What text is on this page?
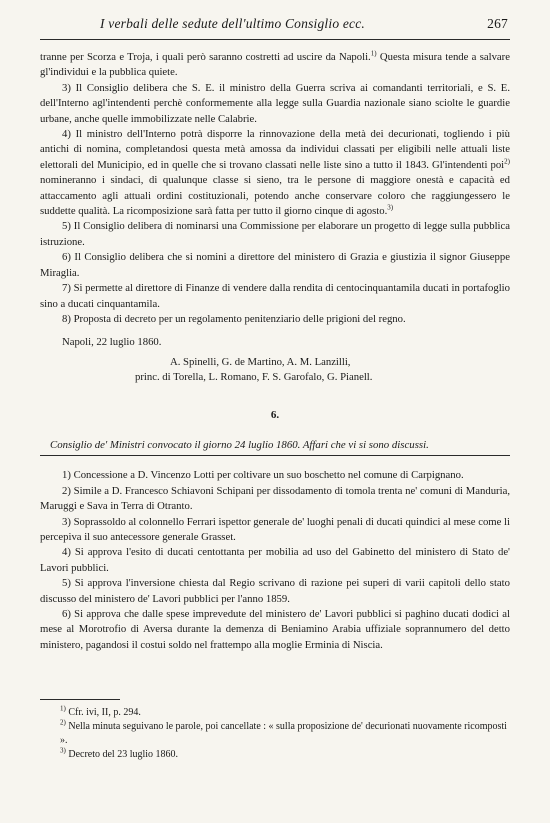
I verbali delle sedute dell'ultimo Consiglio ecc.	267

tranne per Scorza e Troja, i quali però saranno costretti ad uscire da Napoli.$^{1)}$ Questa misura tende a salvare gl'individui e la pubblica quiete.

3) Il Consiglio delibera che S. E. il ministro della Guerra scriva ai comandanti territoriali, e S. E. dell'Interno agl'intendenti perchè conformemente alla legge sulla Guardia nazionale siano sciolte le guardie urbane, anche quelle immobilizzate nelle Calabrie.

4) Il ministro dell'Interno potrà disporre la rinnovazione della metà dei decurionati, togliendo i più antichi di nomina, completandosi questa metà amossa da individui classati per eligibili nelle attuali liste elettorali del Municipio, ed in quelle che si trovano classati nelle liste sino a tutto il 1843. Gl'intendenti poi$^{2)}$ nomineranno i sindaci, di qualunque classe si sieno, tra le persone di maggiore onestà e capacità ed attaccamento agli attuali ordini costituzionali, potendo anche conservare coloro che raggiungessero le suddette qualità. La ricomposizione sarà fatta per tutto il giorno cinque di agosto.$^{3)}$

5) Il Consiglio delibera di nominarsi una Commissione per elaborare un progetto di legge sulla pubblica istruzione.

6) Il Consiglio delibera che si nomini a direttore del ministero di Grazia e giustizia il signor Giuseppe Miraglia.

7) Si permette al direttore di Finanze di vendere dalla rendita di centocinquantamila ducati in portafoglio sino a ducati cinquantamila.

8) Proposta di decreto per un regolamento penitenziario delle prigioni del regno.

Napoli, 22 luglio 1860.

A. Spinelli, G. de Martino, A. M. Lanzilli,
princ. di Torella, L. Romano, F. S. Garofalo, G. Pianell.

6.

Consiglio de' Ministri convocato il giorno 24 luglio 1860. Affari che vi si sono discussi.

1) Concessione a D. Vincenzo Lotti per coltivare un suo boschetto nel comune di Carpignano.

2) Simile a D. Francesco Schiavoni Schipani per dissodamento di tomola trenta ne' comuni di Manduria, Maruggi e Sava in Terra di Otranto.

3) Soprassoldo al colonnello Ferrari ispettor generale de' luoghi penali di ducati quindici al mese come li percepiva il suo antecessore generale Grasset.

4) Si approva l'esito di ducati centottanta per mobilia ad uso del Gabinetto del ministero di Stato de' Lavori pubblici.

5) Si approva l'inversione chiesta dal Regio scrivano di razione pei superi di varii capitoli dello stato discusso del ministero de' Lavori pubblici per l'anno 1859.

6) Si approva che dalle spese imprevedute del ministero de' Lavori pubblici si paghino ducati dodici al mese al Morotrofio di Aversa durante la demenza di Beniamino Arabia uffiziale soprannumero del detto ministero, pagandosi il costui soldo nel frattempo alla moglie Erminia di Niscia.

$^{1)}$ Cfr. ivi, II, p. 294.

$^{2)}$ Nella minuta seguivano le parole, poi cancellate : « sulla proposizione de' decurionati nuovamente ricomposti ».

$^{3)}$ Decreto del 23 luglio 1860.
